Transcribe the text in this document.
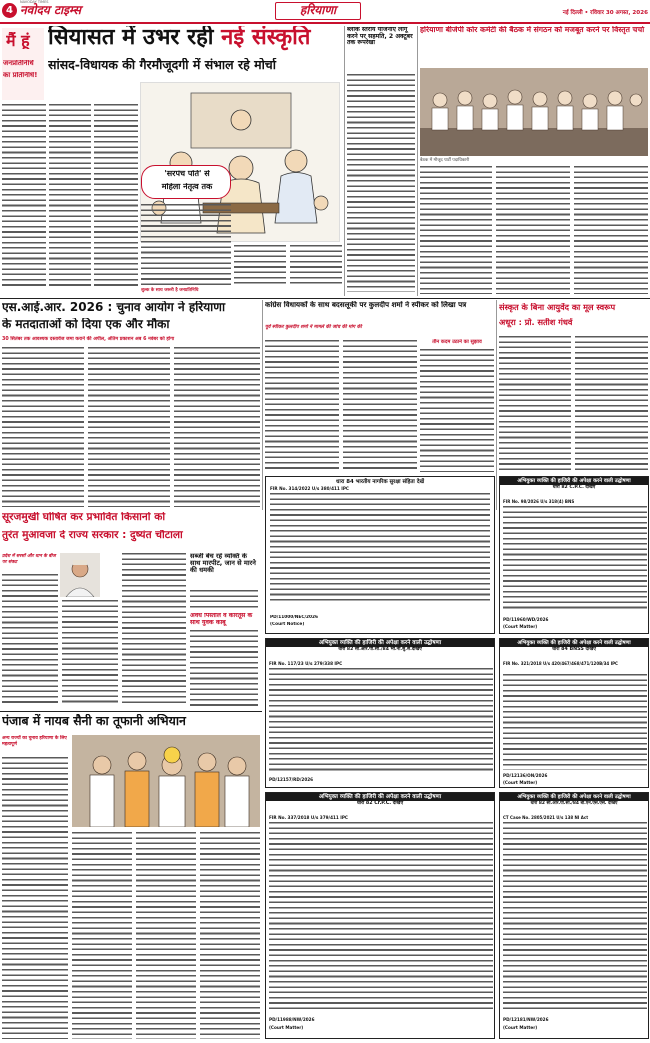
4 नवोदय टाइम्स
NAVODAY TIMES
हरियाणा	नई दिल्ली • रविवार 30 अगस्त, 2026
मैं हूं
जनप्रतिनिधि
का प्रतिनिधि!
सियासत में उभर रही नई संस्कृति
सांसद-विधायक की गैरमौजूदगी में संभाल रहे मोर्चा
'सरपंच पति' से
महिला नेतृत्व तक
शुल्क के साथ जरूरी है जनप्रतिनिधि
ब्लॉक स्तरीय योजनाएं लागू करने पर सहमति, 2 अक्टूबर तक रूपरेखा
हरियाणा बीजेपी कोर कमेटी की बैठक में संगठन को मजबूत करने पर विस्तृत चर्चा
बैठक में मौजूद पार्टी पदाधिकारी
एस.आई.आर. 2026 : चुनाव आयोग ने हरियाणा
के मतदाताओं को दिया एक और मौका
30 सितंबर तक आवश्यक दस्तावेज जमा कराने की अपील, अंतिम प्रकाशन अब 6 नवंबर को होगा
कांग्रेस विधायकों के साथ बदसलूकी पर कुलदीप शर्मा ने स्पीकर को लिखा पत्र
पूर्व स्पीकर कुलदीप शर्मा ने मामले की जांच की मांग की
तीन कदम उठाने का सुझाव
संस्कृत के बिना आयुर्वेद का मूल स्वरूप
अधूरा : प्रो. सतीश गंधर्व
धारा 84 भारतीय नागरिक सुरक्षा संहिता देखें
FIR No. 314/2022 U/s 380/411 IPC
PD/11000/NEC/2026
(Court Notice)
अभियुक्त व्यक्ति की हाजिरी की अपेक्षा करने वाली उद्घोषणा
धारा 82 C.P.C. देखिए
FIR No. 98/2026 U/s 318(4) BNS
PD/11960/WD/2026
(Court Matter)
सूरजमुखी घोषित कर प्रभावित किसानों को
तुरंत मुआवजा दे राज्य सरकार : दुष्यंत चौटाला
प्रदेश में सरसों और धान के बीज पर संकट
पंजाब में नायब सैनी का तूफानी अभियान
अन्य राज्यों का चुनाव हरियाणा के लिए महत्वपूर्ण
अभियुक्त व्यक्ति की हाजिरी की अपेक्षा करने वाली उद्घोषणा
धारा 82 सी.आर.पी.सी./84 भा.ना.सु.सं.देखिए
FIR No. 117/23 U/s 279/338 IPC
PD/12157/RD/2026
अभियुक्त व्यक्ति की हाजिरी की अपेक्षा करने वाली उद्घोषणा
धारा 84 BNSS देखिए
FIR No. 321/2018 U/s 420/467/468/471/120B/34 IPC
PD/12136/ON/2026
(Court Matter)
अभियुक्त व्यक्ति की हाजिरी की अपेक्षा करने वाली उद्घोषणा
धारा 82 Cr.P.C. देखिए
FIR No. 337/2018 U/s 379/411 IPC
PD/11988/NW/2026
(Court Matter)
अभियुक्त व्यक्ति की हाजिरी की अपेक्षा करने वाली उद्घोषणा
धारा 82 सी.आर.पी.सी./84 बी.एन.एस.एस. देखिए
CT Case No. 2805/2021 U/s 138 NI Act
PD/12181/NW/2026
(Court Matter)
सब्जी बेच रहे व्यक्ति के साथ मारपीट, जान से मारने की धमकी
अवैध पिस्तौल व कारतूस के साथ युवक काबू
